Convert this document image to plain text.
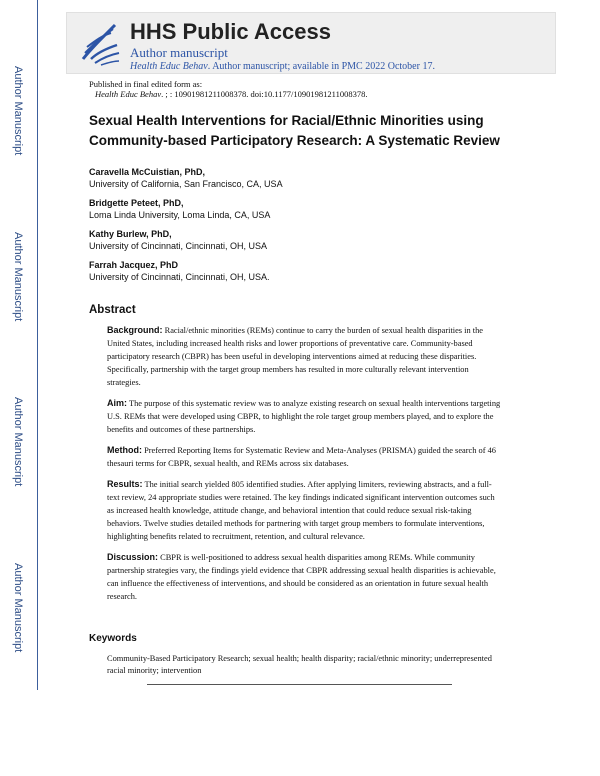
Author Manuscript
Author Manuscript
Author Manuscript
Author Manuscript
HHS Public Access
Author manuscript
Health Educ Behav. Author manuscript; available in PMC 2022 October 17.
Published in final edited form as:
Health Educ Behav. ; : 10901981211008378. doi:10.1177/10901981211008378.
Sexual Health Interventions for Racial/Ethnic Minorities using Community-based Participatory Research: A Systematic Review
Caravella McCuistian, PhD,
University of California, San Francisco, CA, USA
Bridgette Peteet, PhD,
Loma Linda University, Loma Linda, CA, USA
Kathy Burlew, PhD,
University of Cincinnati, Cincinnati, OH, USA
Farrah Jacquez, PhD
University of Cincinnati, Cincinnati, OH, USA.
Abstract

Background: Racial/ethnic minorities (REMs) continue to carry the burden of sexual health disparities in the United States, including increased health risks and lower proportions of preventative care. Community-based participatory research (CBPR) has been useful in developing interventions aimed at reducing these disparities. Specifically, partnership with the target group members has resulted in more culturally relevant intervention strategies.

Aim: The purpose of this systematic review was to analyze existing research on sexual health interventions targeting U.S. REMs that were developed using CBPR, to highlight the role target group members played, and to explore the benefits and outcomes of these partnerships.

Method: Preferred Reporting Items for Systematic Review and Meta-Analyses (PRISMA) guided the search of 46 thesauri terms for CBPR, sexual health, and REMs across six databases.

Results: The initial search yielded 805 identified studies. After applying limiters, reviewing abstracts, and a full-text review, 24 appropriate studies were retained. The key findings indicated significant intervention outcomes such as increased health knowledge, attitude change, and behavioral intention that could reduce sexual risk-taking behaviors. Twelve studies detailed methods for partnering with target group members to formulate interventions, highlighting benefits related to recruitment, retention, and cultural relevance.

Discussion: CBPR is well-positioned to address sexual health disparities among REMs. While community partnership strategies vary, the findings yield evidence that CBPR addressing sexual health disparities is achievable, can influence the effectiveness of interventions, and should be considered as an orientation in future sexual health research.

Keywords
Community-Based Participatory Research; sexual health; health disparity; racial/ethnic minority; underrepresented racial minority; intervention
